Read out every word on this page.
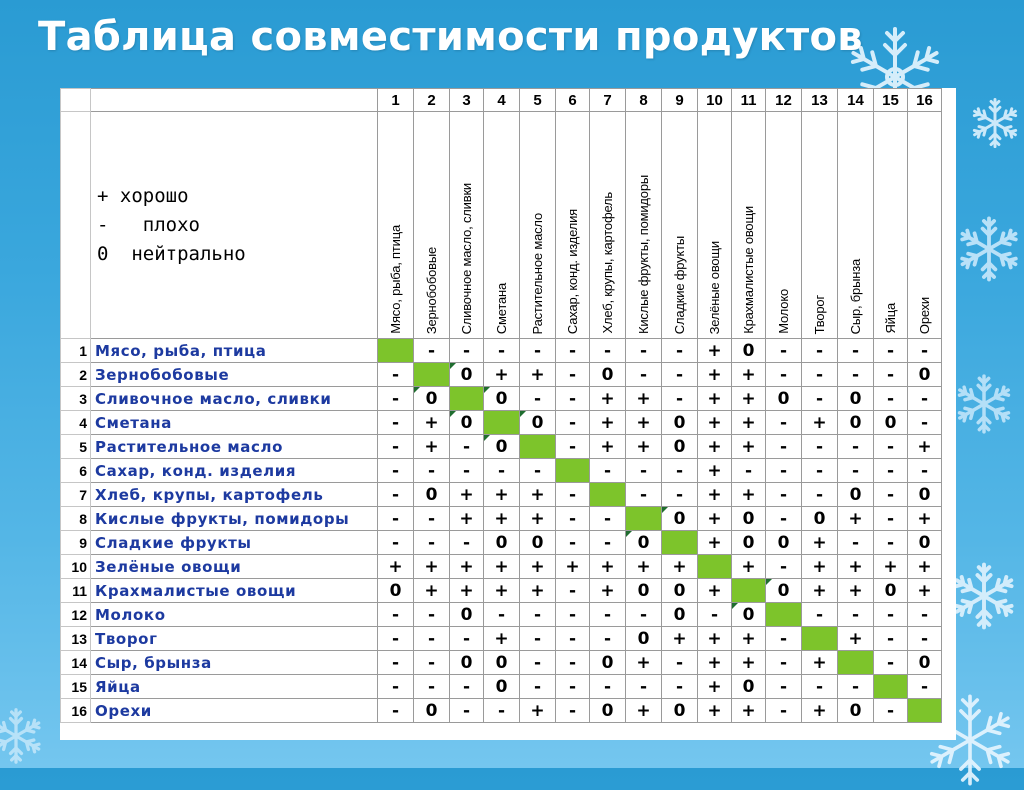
Таблица совместимости продуктов
		1	2	3	4	5	6	7	8	9	10	11	12	13	14	15	16

	+ хорошо
-   плохо
0  нейтрально	Мясо, рыба, птица	Зернобобовые	Сливочное масло, сливки	Сметана	Растительное масло	Сахар, конд. изделия	Хлеб, крупы, картофель	Кислые фрукты, помидоры	Сладкие фрукты	Зелёные овощи	Крахмалистые овощи	Молоко	Творог	Сыр, брынза	Яйца	Орехи

1	Мясо, рыба, птица		-	-	-	-	-	-	-	-	+	0	-	-	-	-	-
2	Зернобобовые	-		0	+	+	-	0	-	-	+	+	-	-	-	-	0
3	Сливочное масло, сливки	-	0		0	-	-	+	+	-	+	+	0	-	0	-	-
4	Сметана	-	+	0		0	-	+	+	0	+	+	-	+	0	0	-
5	Растительное масло	-	+	-	0		-	+	+	0	+	+	-	-	-	-	+
6	Сахар, конд. изделия	-	-	-	-	-		-	-	-	+	-	-	-	-	-	-
7	Хлеб, крупы, картофель	-	0	+	+	+	-		-	-	+	+	-	-	0	-	0
8	Кислые фрукты, помидоры	-	-	+	+	+	-	-		0	+	0	-	0	+	-	+
9	Сладкие фрукты	-	-	-	0	0	-	-	0		+	0	0	+	-	-	0
10	Зелёные овощи	+	+	+	+	+	+	+	+	+		+	-	+	+	+	+
11	Крахмалистые овощи	0	+	+	+	+	-	+	0	0	+		0	+	+	0	+
12	Молоко	-	-	0	-	-	-	-	-	0	-	0		-	-	-	-
13	Творог	-	-	-	+	-	-	-	0	+	+	+	-		+	-	-
14	Сыр, брынза	-	-	0	0	-	-	0	+	-	+	+	-	+		-	0
15	Яйца	-	-	-	0	-	-	-	-	-	+	0	-	-	-		-
16	Орехи	-	0	-	-	+	-	0	+	0	+	+	-	+	0	-	
